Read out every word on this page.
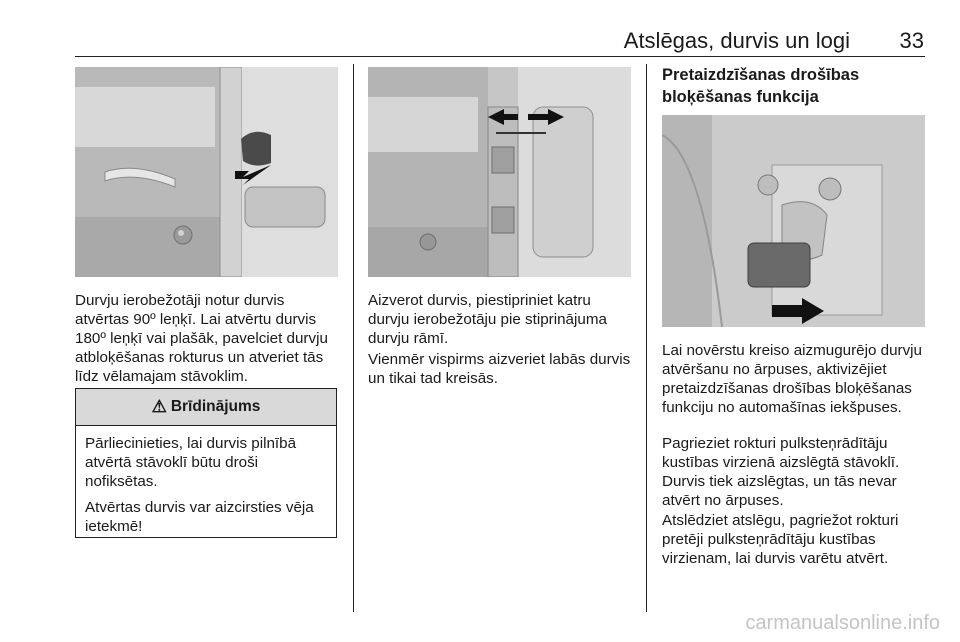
Atslēgas, durvis un logi	33

Durvju ierobežotāji notur durvis atvērtas 90º leņķī. Lai atvērtu durvis 180º leņķī vai plašāk, pavelciet durvju atbloķēšanas rokturus un atveriet tās līdz vēlamajam stāvoklim.

⚠ Brīdinājums

Pārliecinieties, lai durvis pilnībā atvērtā stāvoklī būtu droši nofiksētas.

Atvērtas durvis var aizcirsties vēja ietekmē!

Aizverot durvis, piestipriniet katru durvju ierobežotāju pie stiprinājuma durvju rāmī.

Vienmēr vispirms aizveriet labās durvis un tikai tad kreisās.

Pretaizdzīšanas drošības bloķēšanas funkcija

Lai novērstu kreiso aizmugurējo durvju atvēršanu no ārpuses, aktivizējiet pretaizdzīšanas drošības bloķēšanas funkciju no automašīnas iekšpuses.

Pagrieziet rokturi pulksteņrādītāju kustības virzienā aizslēgtā stāvoklī. Durvis tiek aizslēgtas, un tās nevar atvērt no ārpuses.

Atslēdziet atslēgu, pagriežot rokturi pretēji pulksteņrādītāju kustības virzienam, lai durvis varētu atvērt.

carmanualsonline.info
